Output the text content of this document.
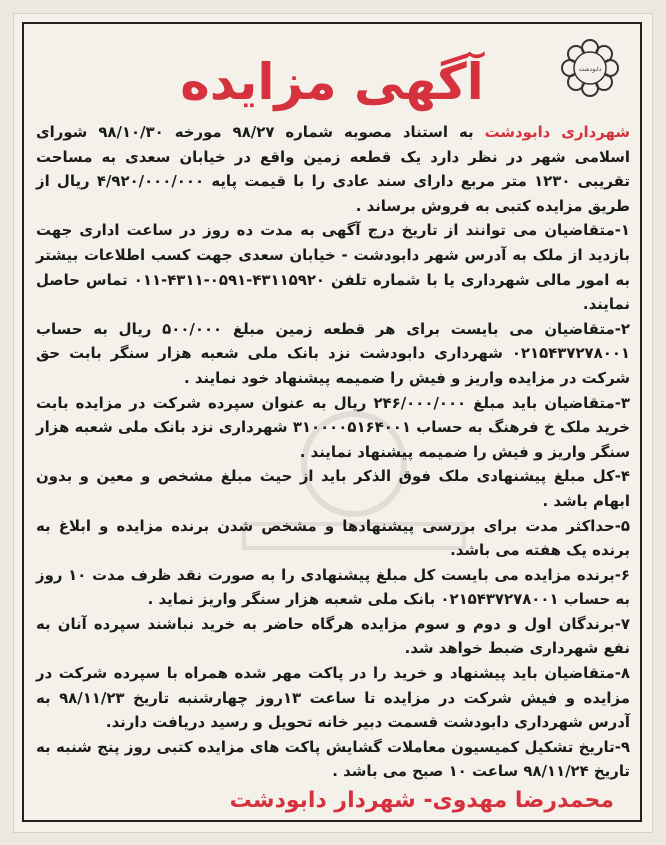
دابودشت
آگهی مزایده

شهرداری دابودشت به استناد مصوبه شماره ۹۸/۲۷ مورخه ۹۸/۱۰/۳۰ شورای اسلامی شهر در نظر دارد یک قطعه زمین واقع در خیابان سعدی به مساحت تقریبی ۱۲۳۰ متر مربع دارای سند عادی را با قیمت پایه ۴/۹۲۰/۰۰۰/۰۰۰ ریال از طریق مزایده کتبی به فروش برساند .

۱-متقاضیان می توانند از تاریخ درج آگهی به مدت ده روز در ساعت اداری جهت بازدید از ملک به آدرس شهر دابودشت - خیابان سعدی جهت کسب اطلاعات بیشتر به امور مالی شهرداری یا با شماره تلفن ۴۳۱۱۵۹۲۰-۰۵۹۱-۴۳۱۱-۰۱۱ تماس حاصل نمایند.

۲-متقاضیان می بایست برای هر قطعه زمین مبلغ ۵۰۰/۰۰۰ ریال به حساب ۰۲۱۵۴۳۷۲۷۸۰۰۱ شهرداری دابودشت نزد بانک ملی شعبه هزار سنگر بابت حق شرکت در مزایده واریز و فیش را ضمیمه پیشنهاد خود نمایند .

۳-متقاضیان باید مبلغ ۲۴۶/۰۰۰/۰۰۰ ریال به عنوان سپرده شرکت در مزایده بابت خرید ملک خ فرهنگ به حساب ۳۱۰۰۰۰۵۱۶۴۰۰۱ شهرداری نزد بانک ملی شعبه هزار سنگر واریز و فیش را ضمیمه پیشنهاد نمایند .

۴-کل مبلغ پیشنهادی ملک فوق الذکر باید از حیث مبلغ مشخص و معین و بدون ابهام باشد .

۵-حداکثر مدت برای بررسی پیشنهادها و مشخص شدن برنده مزایده و ابلاغ به برنده یک هفته می باشد.

۶-برنده مزایده می بایست کل مبلغ پیشنهادی را به صورت نقد ظرف مدت ۱۰ روز به حساب ۰۲۱۵۴۳۷۲۷۸۰۰۱ بانک ملی شعبه هزار سنگر واریز نماید .

۷-برندگان اول و دوم و سوم مزایده هرگاه حاضر به خرید نباشند سپرده آنان به نفع شهرداری ضبط خواهد شد.

۸-متقاضیان باید پیشنهاد و خرید را در پاکت مهر شده همراه با سپرده شرکت در مزایده و فیش شرکت در مزایده تا ساعت ۱۳روز چهارشنبه تاریخ ۹۸/۱۱/۲۳ به آدرس شهرداری دابودشت قسمت دبیر خانه تحویل و رسید دریافت دارند.

۹-تاریخ تشکیل کمیسیون معاملات گشایش پاکت های مزایده کتبی روز پنج شنبه به تاریخ ۹۸/۱۱/۲۴ ساعت ۱۰ صبح می باشد .

محمدرضا مهدوی- شهردار دابودشت
